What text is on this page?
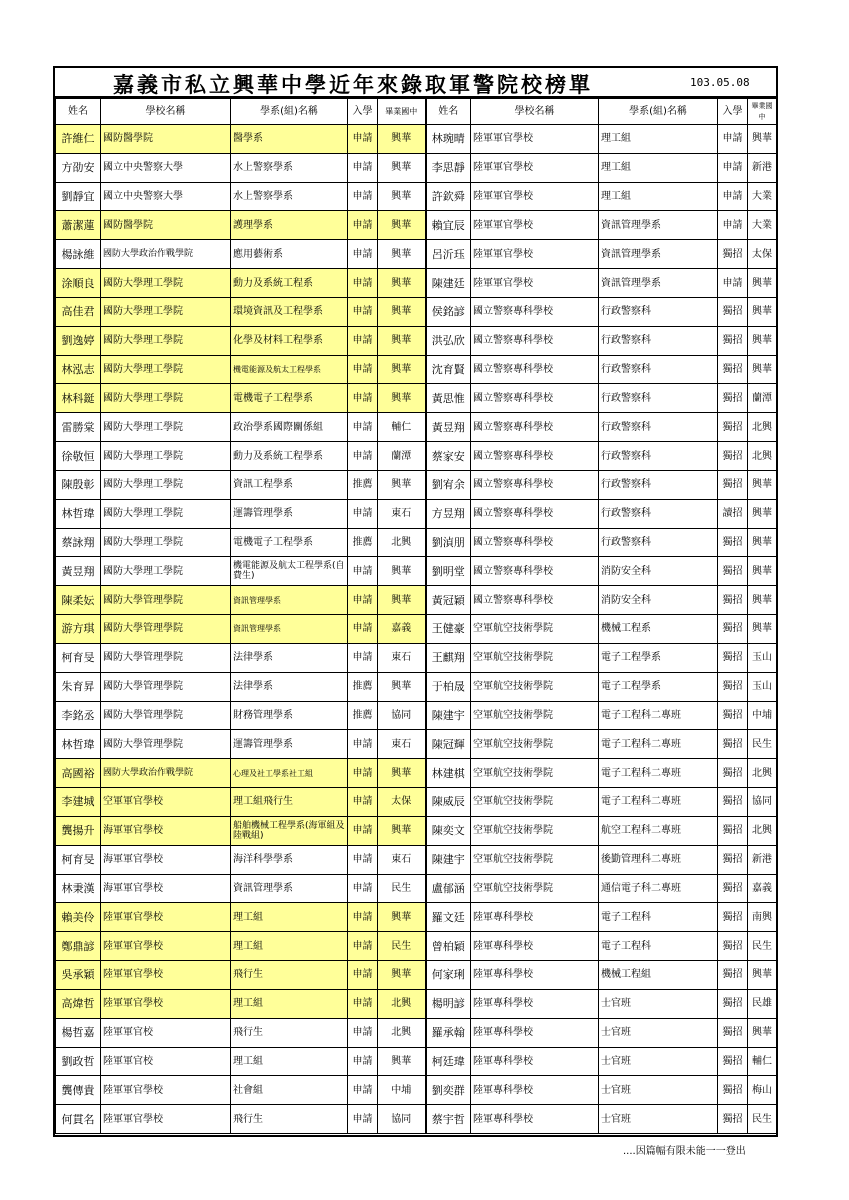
嘉義市私立興華中學近年來錄取軍警院校榜單	103.05.08
姓名	學校名稱	學系(組)名稱	入學	畢業國中	姓名	學校名稱	學系(組)名稱	入學	畢業國中
許維仁	國防醫學院	醫學系	申請	興華	林琬晴	陸軍軍官學校	理工組	申請	興華
方劭安	國立中央警察大學	水上警察學系	申請	興華	李思靜	陸軍軍官學校	理工組	申請	新港
劉靜宜	國立中央警察大學	水上警察學系	申請	興華	許欽舜	陸軍軍官學校	理工組	申請	大業
蕭潔蓮	國防醫學院	護理學系	申請	興華	賴宜辰	陸軍軍官學校	資訊管理學系	申請	大業
楊詠維	國防大學政治作戰學院	應用藝術系	申請	興華	呂沂珏	陸軍軍官學校	資訊管理學系	獨招	太保
涂順良	國防大學理工學院	動力及系統工程系	申請	興華	陳建廷	陸軍軍官學校	資訊管理學系	申請	興華
高佳君	國防大學理工學院	環境資訊及工程學系	申請	興華	侯銘諺	國立警察專科學校	行政警察科	獨招	興華
劉逸婷	國防大學理工學院	化學及材料工程學系	申請	興華	洪弘欣	國立警察專科學校	行政警察科	獨招	興華
林泓志	國防大學理工學院	機電能源及航太工程學系	申請	興華	沈育賢	國立警察專科學校	行政警察科	獨招	興華
林科鋌	國防大學理工學院	電機電子工程學系	申請	興華	黃思惟	國立警察專科學校	行政警察科	獨招	蘭潭
雷勝棠	國防大學理工學院	政治學系國際關係組	申請	輔仁	黃昱翔	國立警察專科學校	行政警察科	獨招	北興
徐敬恒	國防大學理工學院	動力及系統工程學系	申請	蘭潭	蔡家安	國立警察專科學校	行政警察科	獨招	北興
陳殷彰	國防大學理工學院	資訊工程學系	推薦	興華	劉宥余	國立警察專科學校	行政警察科	獨招	興華
林哲瑋	國防大學理工學院	運籌管理學系	申請	東石	方昱翔	國立警察專科學校	行政警察科	讀招	興華
蔡詠翔	國防大學理工學院	電機電子工程學系	推薦	北興	劉湞朋	國立警察專科學校	行政警察科	獨招	興華
黃昱翔	國防大學理工學院	機電能源及航太工程學系(自費生)	申請	興華	劉明堂	國立警察專科學校	消防安全科	獨招	興華
陳柔妘	國防大學管理學院	資訊管理學系	申請	興華	黃冠穎	國立警察專科學校	消防安全科	獨招	興華
游方琪	國防大學管理學院	資訊管理學系	申請	嘉義	王健豪	空軍航空技術學院	機械工程系	獨招	興華
柯育旻	國防大學管理學院	法律學系	申請	東石	王麒翔	空軍航空技術學院	電子工程學系	獨招	玉山
朱育昇	國防大學管理學院	法律學系	推薦	興華	于柏晟	空軍航空技術學院	電子工程學系	獨招	玉山
李銘丞	國防大學管理學院	財務管理學系	推薦	協同	陳建宇	空軍航空技術學院	電子工程科二專班	獨招	中埔
林哲瑋	國防大學管理學院	運籌管理學系	申請	東石	陳冠輝	空軍航空技術學院	電子工程科二專班	獨招	民生
高國裕	國防大學政治作戰學院	心理及社工學系社工組	申請	興華	林建棋	空軍航空技術學院	電子工程科二專班	獨招	北興
李建城	空軍軍官學校	理工組飛行生	申請	太保	陳威辰	空軍航空技術學院	電子工程科二專班	獨招	協同
龔揚升	海軍軍官學校	船舶機械工程學系(海軍組及陸戰組)	申請	興華	陳奕文	空軍航空技術學院	航空工程科二專班	獨招	北興
柯育旻	海軍軍官學校	海洋科學學系	申請	東石	陳建宇	空軍航空技術學院	後勤管理科二專班	獨招	新港
林秉漢	海軍軍官學校	資訊管理學系	申請	民生	盧郁涵	空軍航空技術學院	通信電子科二專班	獨招	嘉義
賴美伶	陸軍軍官學校	理工組	申請	興華	羅文廷	陸軍專科學校	電子工程科	獨招	南興
鄭鼎諺	陸軍軍官學校	理工組	申請	民生	曾柏穎	陸軍專科學校	電子工程科	獨招	民生
吳承穎	陸軍軍官學校	飛行生	申請	興華	何家琍	陸軍專科學校	機械工程組	獨招	興華
高煒哲	陸軍軍官學校	理工組	申請	北興	楊明諺	陸軍專科學校	士官班	獨招	民雄
楊哲嘉	陸軍軍官校	飛行生	申請	北興	羅承翰	陸軍專科學校	士官班	獨招	興華
劉政哲	陸軍軍官校	理工組	申請	興華	柯廷瑋	陸軍專科學校	士官班	獨招	輔仁
龔傳貴	陸軍軍官學校	社會組	申請	中埔	劉奕群	陸軍專科學校	士官班	獨招	梅山
何貫名	陸軍軍官學校	飛行生	申請	協同	蔡宇哲	陸軍專科學校	士官班	獨招	民生
....因篇幅有限未能一一登出
